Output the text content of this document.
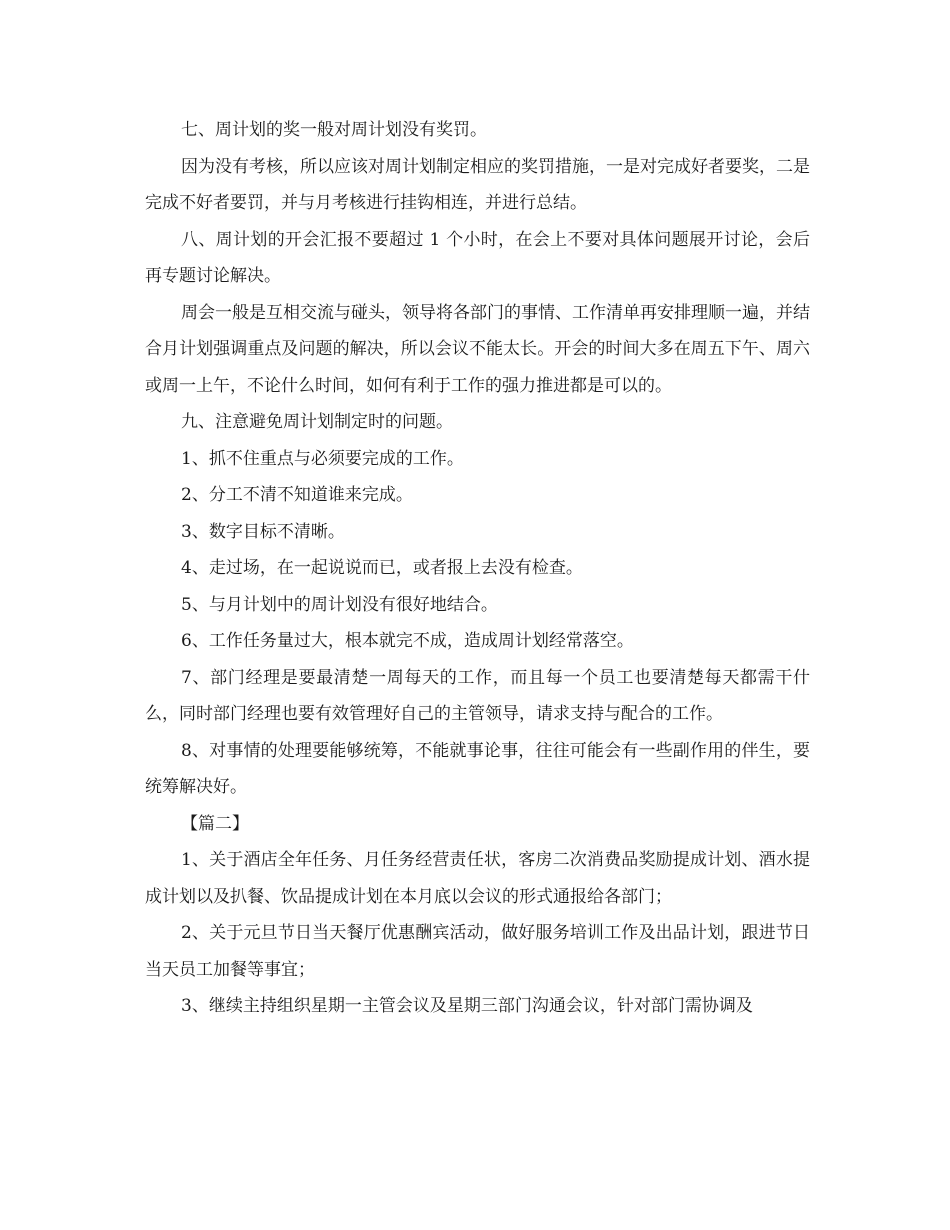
七、周计划的奖一般对周计划没有奖罚。

因为没有考核，所以应该对周计划制定相应的奖罚措施，一是对完成好者要奖，二是完成不好者要罚，并与月考核进行挂钩相连，并进行总结。

八、周计划的开会汇报不要超过 1 个小时，在会上不要对具体问题展开讨论，会后再专题讨论解决。

周会一般是互相交流与碰头，领导将各部门的事情、工作清单再安排理顺一遍，并结合月计划强调重点及问题的解决，所以会议不能太长。开会的时间大多在周五下午、周六或周一上午，不论什么时间，如何有利于工作的强力推进都是可以的。

九、注意避免周计划制定时的问题。

1、抓不住重点与必须要完成的工作。

2、分工不清不知道谁来完成。

3、数字目标不清晰。

4、走过场，在一起说说而已，或者报上去没有检查。

5、与月计划中的周计划没有很好地结合。

6、工作任务量过大，根本就完不成，造成周计划经常落空。

7、部门经理是要最清楚一周每天的工作，而且每一个员工也要清楚每天都需干什么，同时部门经理也要有效管理好自己的主管领导，请求支持与配合的工作。

8、对事情的处理要能够统筹，不能就事论事，往往可能会有一些副作用的伴生，要统筹解决好。

【篇二】

1、关于酒店全年任务、月任务经营责任状，客房二次消费品奖励提成计划、酒水提成计划以及扒餐、饮品提成计划在本月底以会议的形式通报给各部门；

2、关于元旦节日当天餐厅优惠酬宾活动，做好服务培训工作及出品计划，跟进节日当天员工加餐等事宜；

3、继续主持组织星期一主管会议及星期三部门沟通会议，针对部门需协调及
